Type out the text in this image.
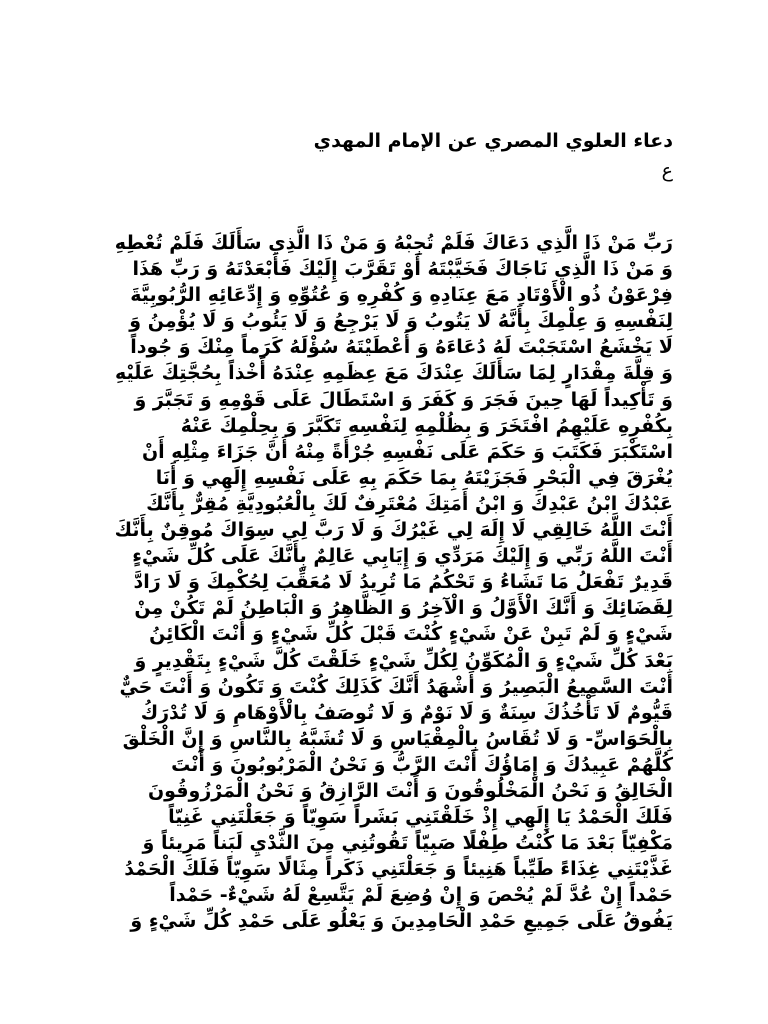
دعاء العلوي المصري عن الإمام المهدي
ع
رَبِّ مَنْ ذَا الَّذِي دَعَاكَ فَلَمْ تُجِبْهُ وَ مَنْ ذَا الَّذِي سَأَلَكَ فَلَمْ تُعْطِهِ
وَ مَنْ ذَا الَّذِي نَاجَاكَ فَخَيَّبْتَهُ أَوْ تَقَرَّبَ إِلَيْكَ فَأَبْعَدْتَهُ وَ رَبِّ هَذَا
فِرْعَوْنُ ذُو الْأَوْتَادِ مَعَ عِنَادِهِ وَ كُفْرِهِ وَ عُتُوِّهِ وَ إِدِّعَائِهِ الرُّبُوبِيَّةَ
لِنَفْسِهِ وَ عِلْمِكَ بِأَنَّهُ لَا يَتُوبُ وَ لَا يَرْجِعُ وَ لَا يَئُوبُ وَ لَا يُؤْمِنُ وَ
لَا يَخْشَعُ اسْتَجَبْتَ لَهُ دُعَاءَهُ وَ أَعْطَيْتَهُ سُؤْلَهُ كَرَماً مِنْكَ وَ جُوداً
وَ قِلَّةَ مِقْدَارٍ لِمَا سَأَلَكَ عِنْدَكَ مَعَ عِظَمِهِ عِنْدَهُ أَخْذاً بِحُجَّتِكَ عَلَيْهِ
وَ تَأْكِيداً لَهَا حِينَ فَجَرَ وَ كَفَرَ وَ اسْتَطَالَ عَلَى قَوْمِهِ وَ تَجَبَّرَ وَ
بِكُفْرِهِ عَلَيْهِمُ افْتَخَرَ وَ بِظُلْمِهِ لِنَفْسِهِ تَكَبَّرَ وَ بِحِلْمِكَ عَنْهُ
اسْتَكْبَرَ فَكَتَبَ وَ حَكَمَ عَلَى نَفْسِهِ جُرْأَةً مِنْهُ أَنَّ جَزَاءَ مِثْلِهِ أَنْ
يُغْرَقَ فِي الْبَحْرِ فَجَزَيْتَهُ بِمَا حَكَمَ بِهِ عَلَى نَفْسِهِ إِلَهِي وَ أَنَا
عَبْدُكَ ابْنُ عَبْدِكَ وَ ابْنُ أَمَتِكَ مُعْتَرِفٌ لَكَ بِالْعُبُودِيَّةِ مُقِرٌّ بِأَنَّكَ
أَنْتَ اللَّهُ خَالِقِي لَا إِلَهَ لِي غَيْرُكَ وَ لَا رَبَّ لِي سِوَاكَ مُوقِنٌ بِأَنَّكَ
أَنْتَ اللَّهُ رَبِّي وَ إِلَيْكَ مَرَدِّي وَ إِيَابِي عَالِمٌ بِأَنَّكَ عَلَى كُلِّ شَيْءٍ
قَدِيرٌ تَفْعَلُ مَا تَشَاءُ وَ تَحْكُمُ مَا تُرِيدُ لَا مُعَقِّبَ لِحُكْمِكَ وَ لَا رَادَّ
لِقَضَائِكَ وَ أَنَّكَ الْأَوَّلُ وَ الْآخِرُ وَ الظَّاهِرُ وَ الْبَاطِنُ لَمْ تَكُنْ مِنْ
شَيْءٍ وَ لَمْ تَبِنْ عَنْ شَيْءٍ كُنْتَ قَبْلَ كُلِّ شَيْءٍ وَ أَنْتَ الْكَائِنُ
بَعْدَ كُلِّ شَيْءٍ وَ الْمُكَوِّنُ لِكُلِّ شَيْءٍ خَلَقْتَ كُلَّ شَيْءٍ بِتَقْدِيرٍ وَ
أَنْتَ السَّمِيعُ الْبَصِيرُ وَ أَشْهَدُ أَنَّكَ كَذَلِكَ كُنْتَ وَ تَكُونُ وَ أَنْتَ حَيٌّ
قَيُّومٌ لَا تَأْخُذُكَ سِنَةٌ وَ لَا نَوْمٌ وَ لَا تُوصَفُ بِالْأَوْهَامِ وَ لَا تُدْرَكُ
بِالْحَوَاسِّ- وَ لَا تُقَاسُ بِالْمِقْيَاسِ وَ لَا تُشَبَّهُ بِالنَّاسِ وَ إِنَّ الْخَلْقَ
كُلَّهُمْ عَبِيدُكَ وَ إِمَاؤُكَ أَنْتَ الرَّبُّ وَ نَحْنُ الْمَرْبُوبُونَ وَ أَنْتَ
الْخَالِقُ وَ نَحْنُ الْمَخْلُوقُونَ وَ أَنْتَ الرَّازِقُ وَ نَحْنُ الْمَرْزُوقُونَ
فَلَكَ الْحَمْدُ يَا إِلَهِي إِذْ خَلَقْتَنِي بَشَراً سَوِيّاً وَ جَعَلْتَنِي غَنِيّاً
مَكْفِيّاً بَعْدَ مَا كُنْتُ طِفْلًا صَبِيّاً تَقُوتُنِي مِنَ الثَّدْيِ لَبَناً مَرِيئاً وَ
غَذَّيْتَنِي غِذَاءً طَيِّباً هَنِيئاً وَ جَعَلْتَنِي ذَكَراً مِثَالًا سَوِيّاً فَلَكَ الْحَمْدُ
حَمْداً إِنْ عُدَّ لَمْ يُحْصَ وَ إِنْ وُضِعَ لَمْ يَتَّسِعْ لَهُ شَيْءٌ- حَمْداً
يَفُوقُ عَلَى جَمِيعِ حَمْدِ الْحَامِدِينَ وَ يَعْلُو عَلَى حَمْدِ كُلِّ شَيْءٍ وَ
